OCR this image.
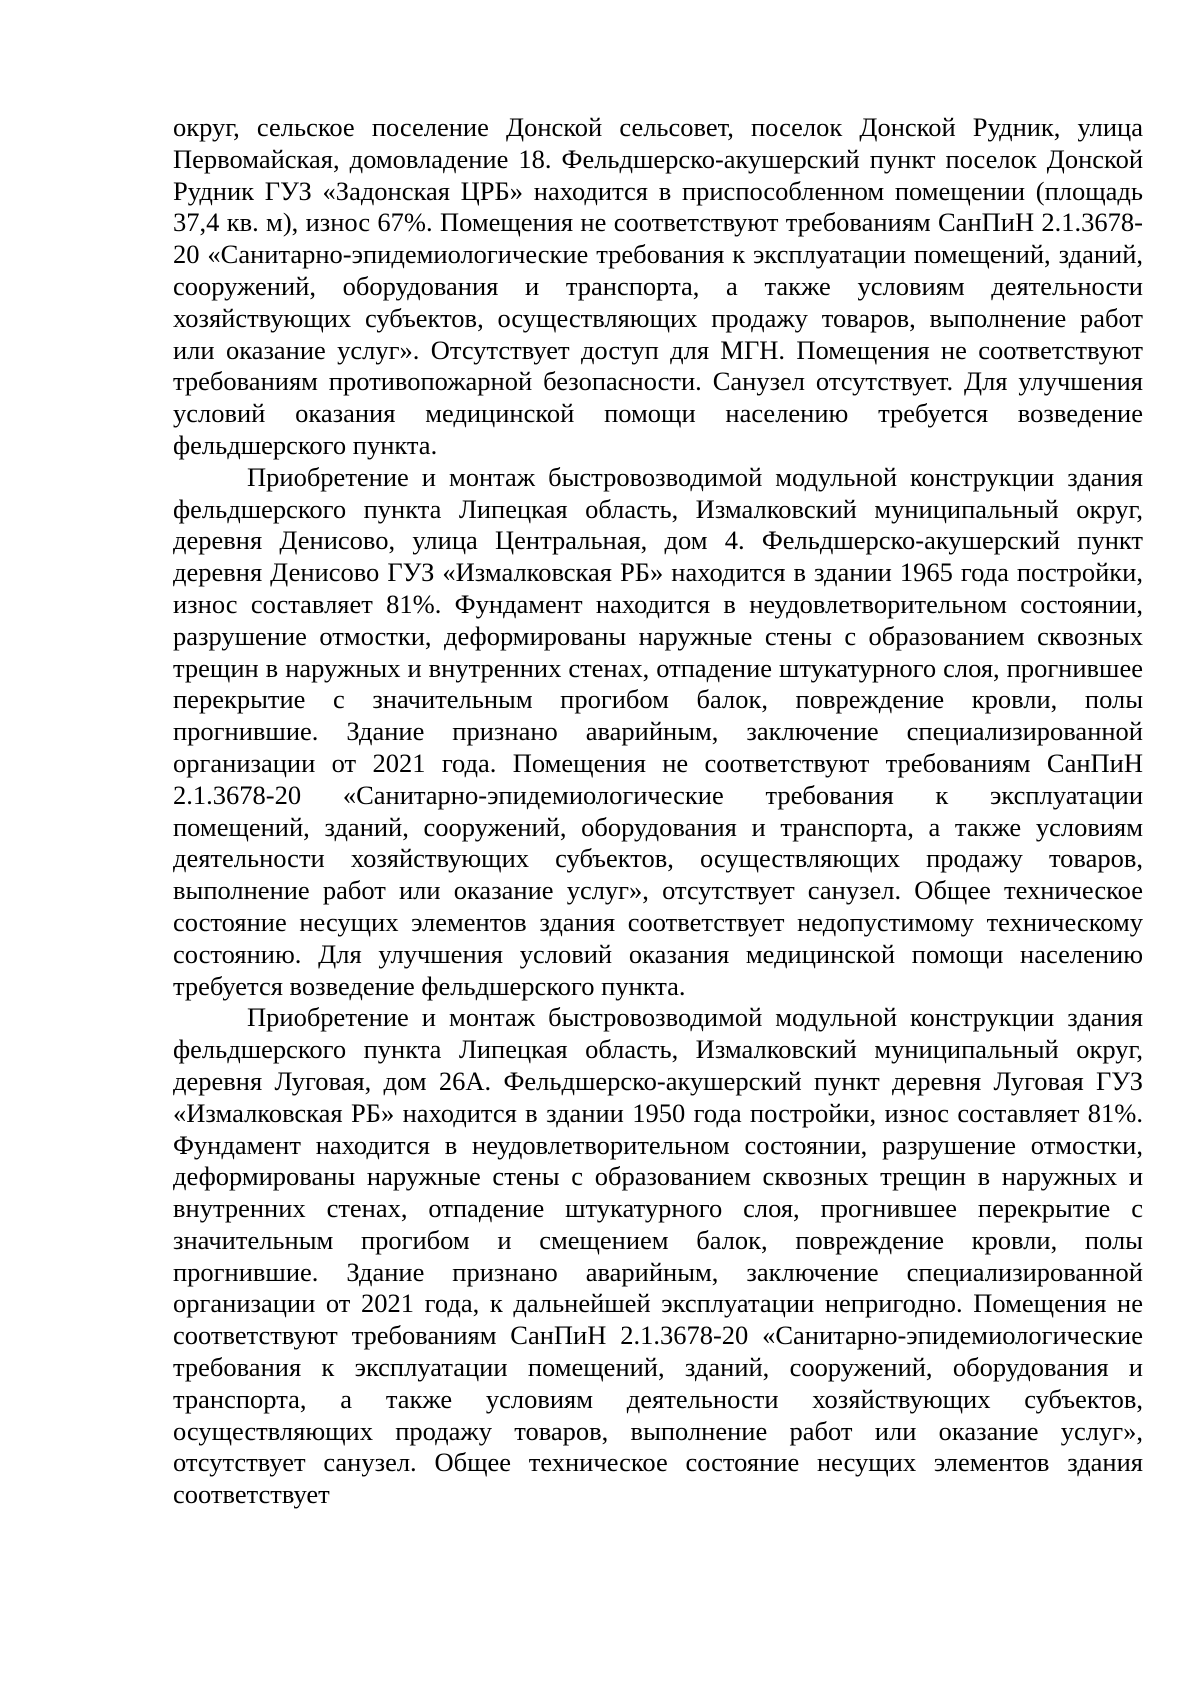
округ, сельское поселение Донской сельсовет, поселок Донской Рудник, улица Первомайская, домовладение 18. Фельдшерско-акушерский пункт поселок Донской Рудник ГУЗ «Задонская ЦРБ» находится в приспособленном помещении (площадь 37,4 кв. м), износ 67%. Помещения не соответствуют требованиям СанПиН 2.1.3678-20 «Санитарно-эпидемиологические требования к эксплуатации помещений, зданий, сооружений, оборудования и транспорта, а также условиям деятельности хозяйствующих субъектов, осуществляющих продажу товаров, выполнение работ или оказание услуг». Отсутствует доступ для МГН. Помещения не соответствуют требованиям противопожарной безопасности. Санузел отсутствует. Для улучшения условий оказания медицинской помощи населению требуется возведение фельдшерского пункта.

Приобретение и монтаж быстровозводимой модульной конструкции здания фельдшерского пункта Липецкая область, Измалковский муниципальный округ, деревня Денисово, улица Центральная, дом 4. Фельдшерско-акушерский пункт деревня Денисово ГУЗ «Измалковская РБ» находится в здании 1965 года постройки, износ составляет 81%. Фундамент находится в неудовлетворительном состоянии, разрушение отмостки, деформированы наружные стены с образованием сквозных трещин в наружных и внутренних стенах, отпадение штукатурного слоя, прогнившее перекрытие с значительным прогибом балок, повреждение кровли, полы прогнившие. Здание признано аварийным, заключение специализированной организации от 2021 года. Помещения не соответствуют требованиям СанПиН 2.1.3678-20 «Санитарно-эпидемиологические требования к эксплуатации помещений, зданий, сооружений, оборудования и транспорта, а также условиям деятельности хозяйствующих субъектов, осуществляющих продажу товаров, выполнение работ или оказание услуг», отсутствует санузел. Общее техническое состояние несущих элементов здания соответствует недопустимому техническому состоянию. Для улучшения условий оказания медицинской помощи населению требуется возведение фельдшерского пункта.

Приобретение и монтаж быстровозводимой модульной конструкции здания фельдшерского пункта Липецкая область, Измалковский муниципальный округ, деревня Луговая, дом 26А. Фельдшерско-акушерский пункт деревня Луговая ГУЗ «Измалковская РБ» находится в здании 1950 года постройки, износ составляет 81%. Фундамент находится в неудовлетворительном состоянии, разрушение отмостки, деформированы наружные стены с образованием сквозных трещин в наружных и внутренних стенах, отпадение штукатурного слоя, прогнившее перекрытие с значительным прогибом и смещением балок, повреждение кровли, полы прогнившие. Здание признано аварийным, заключение специализированной организации от 2021 года, к дальнейшей эксплуатации непригодно. Помещения не соответствуют требованиям СанПиН 2.1.3678-20 «Санитарно-эпидемиологические требования к эксплуатации помещений, зданий, сооружений, оборудования и транспорта, а также условиям деятельности хозяйствующих субъектов, осуществляющих продажу товаров, выполнение работ или оказание услуг», отсутствует санузел. Общее техническое состояние несущих элементов здания соответствует
